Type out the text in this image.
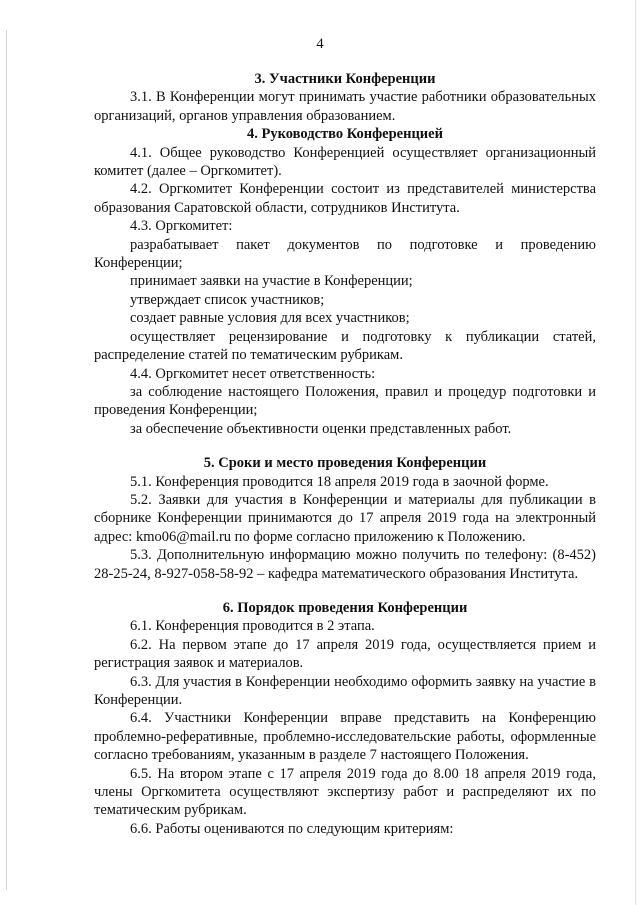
4
3. Участники Конференции

3.1. В Конференции могут принимать участие работники образовательных организаций, органов управления образованием.

4. Руководство Конференцией

4.1. Общее руководство Конференцией осуществляет организационный комитет (далее – Оргкомитет).

4.2. Оргкомитет Конференции состоит из представителей министерства образования Саратовской области, сотрудников Института.

4.3. Оргкомитет:

разрабатывает пакет документов по подготовке и проведению Конференции;

принимает заявки на участие в Конференции;

утверждает список участников;

создает равные условия для всех участников;

осуществляет рецензирование и подготовку к публикации статей, распределение статей по тематическим рубрикам.

4.4. Оргкомитет несет ответственность:

за соблюдение настоящего Положения, правил и процедур подготовки и проведения Конференции;

за обеспечение объективности оценки представленных работ.

5. Сроки и место проведения Конференции

5.1. Конференция проводится 18 апреля 2019 года в заочной форме.

5.2. Заявки для участия в Конференции и материалы для публикации в сборнике Конференции принимаются до 17 апреля 2019 года на электронный адрес: kmo06@mail.ru по форме согласно приложению к Положению.

5.3. Дополнительную информацию можно получить по телефону: (8-452) 28-25-24, 8-927-058-58-92 – кафедра математического образования Института.

6. Порядок проведения Конференции

6.1. Конференция проводится в 2 этапа.

6.2. На первом этапе до 17 апреля 2019 года, осуществляется прием и регистрация заявок и материалов.

6.3. Для участия в Конференции необходимо оформить заявку на участие в Конференции.

6.4. Участники Конференции вправе представить на Конференцию проблемно-реферативные, проблемно-исследовательские работы, оформленные согласно требованиям, указанным в разделе 7 настоящего Положения.

6.5. На втором этапе с 17 апреля 2019 года до 8.00 18 апреля 2019 года, члены Оргкомитета осуществляют экспертизу работ и распределяют их по тематическим рубрикам.

6.6. Работы оцениваются по следующим критериям:
